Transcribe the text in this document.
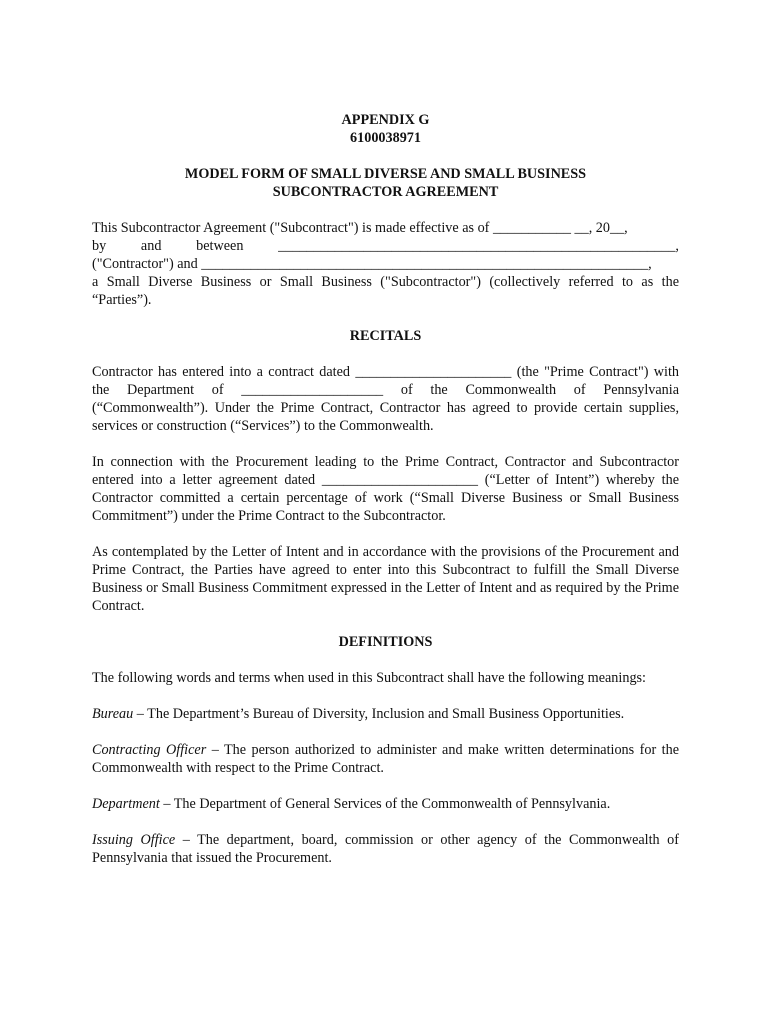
APPENDIX G

6100038971

MODEL FORM OF SMALL DIVERSE AND SMALL BUSINESS

SUBCONTRACTOR AGREEMENT

This Subcontractor Agreement ("Subcontract") is made effective as of ___________ __, 20__,

by and between ________________________________________________________,

("Contractor") and _______________________________________________________________,

a Small Diverse Business or Small Business ("Subcontractor") (collectively referred to as the “Parties”).

RECITALS

Contractor has entered into a contract dated ______________________ (the "Prime Contract") with the Department of ____________________ of the Commonwealth of Pennsylvania (“Commonwealth”). Under the Prime Contract, Contractor has agreed to provide certain supplies, services or construction (“Services”) to the Commonwealth.

In connection with the Procurement leading to the Prime Contract, Contractor and Subcontractor entered into a letter agreement dated ______________________ (“Letter of Intent”) whereby the Contractor committed a certain percentage of work (“Small Diverse Business or Small Business Commitment”) under the Prime Contract to the Subcontractor.

As contemplated by the Letter of Intent and in accordance with the provisions of the Procurement and Prime Contract, the Parties have agreed to enter into this Subcontract to fulfill the Small Diverse Business or Small Business Commitment expressed in the Letter of Intent and as required by the Prime Contract.

DEFINITIONS

The following words and terms when used in this Subcontract shall have the following meanings:

Bureau – The Department’s Bureau of Diversity, Inclusion and Small Business Opportunities.

Contracting Officer – The person authorized to administer and make written determinations for the Commonwealth with respect to the Prime Contract.

Department – The Department of General Services of the Commonwealth of Pennsylvania.

Issuing Office – The department, board, commission or other agency of the Commonwealth of Pennsylvania that issued the Procurement.
